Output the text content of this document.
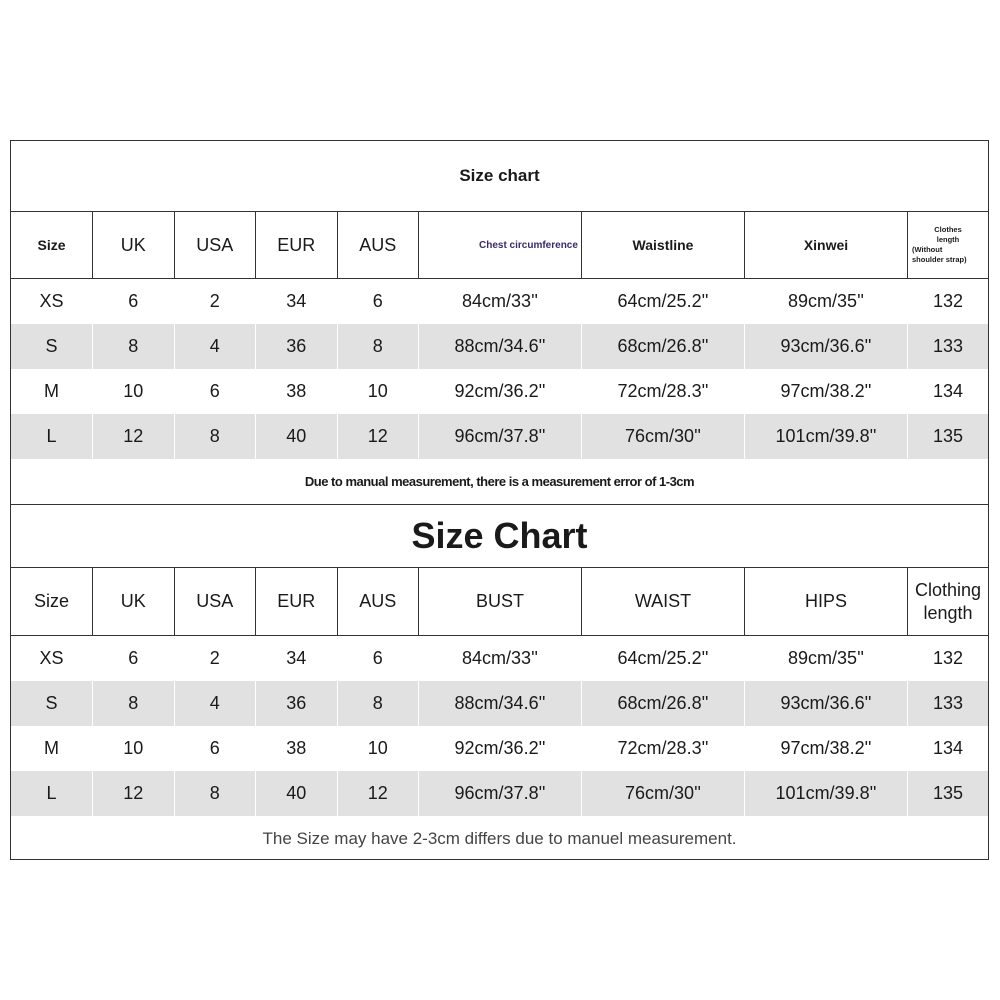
Size chart								
Size	UK	USA	EUR	AUS	Chest circumference	Waistline	Xinwei	Clothes
length

(Without
shoulder strap)

XS	6	2	34	6	84cm/33''	64cm/25.2''	89cm/35''	132
S	8	4	36	8	88cm/34.6''	68cm/26.8''	93cm/36.6''	133
M	10	6	38	10	92cm/36.2''	72cm/28.3''	97cm/38.2''	134
L	12	8	40	12	96cm/37.8''	76cm/30''	101cm/39.8''	135
Due to manual measurement, there is a measurement error of 1-3cm								
Size Chart								
Size	UK	USA	EUR	AUS	BUST	WAIST	HIPS	Clothing length
XS	6	2	34	6	84cm/33''	64cm/25.2''	89cm/35''	132
S	8	4	36	8	88cm/34.6''	68cm/26.8''	93cm/36.6''	133
M	10	6	38	10	92cm/36.2''	72cm/28.3''	97cm/38.2''	134
L	12	8	40	12	96cm/37.8''	76cm/30''	101cm/39.8''	135
The Size may have 2-3cm differs due to manuel measurement.								
